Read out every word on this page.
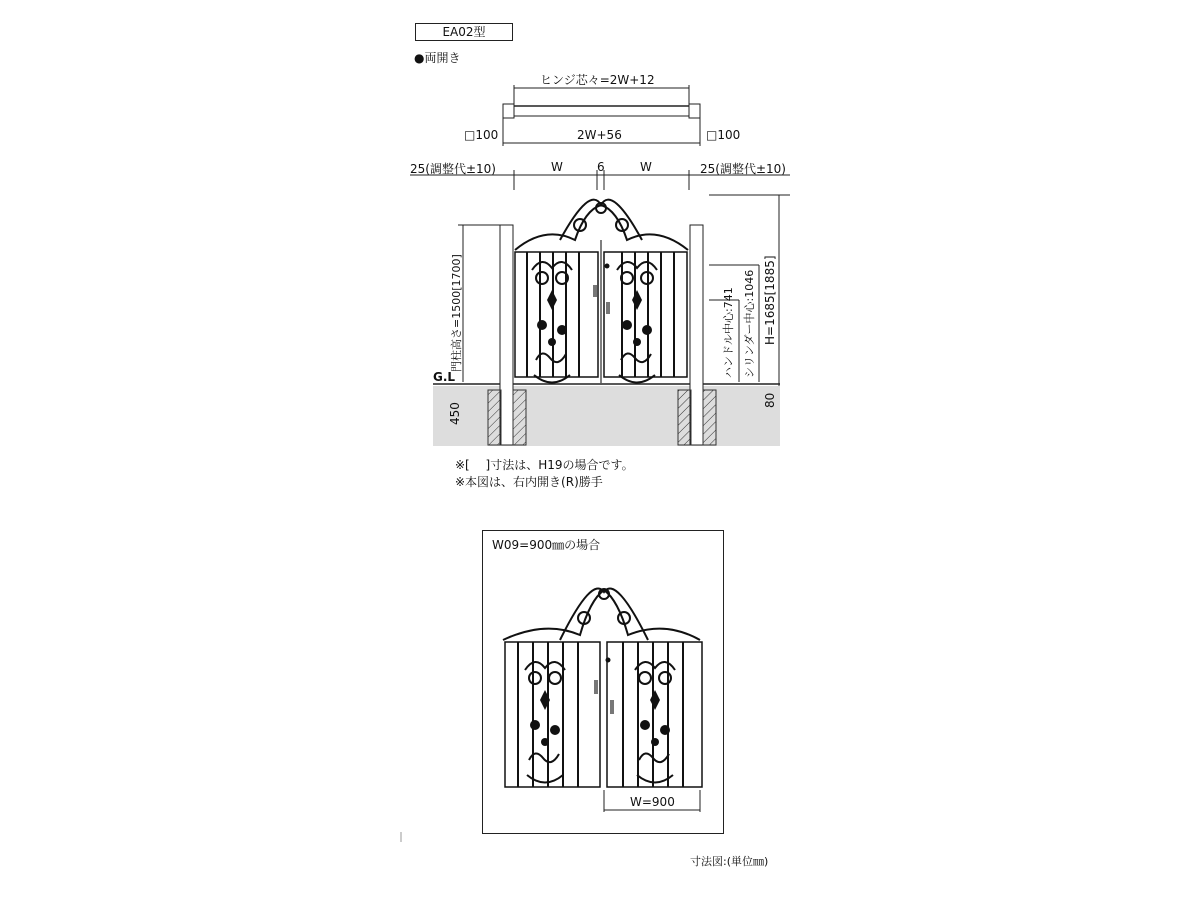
EA02型
●両開き
ヒンジ芯々=2W+12
□100	2W+56	□100
25(調整代±10)	W	6	W	25(調整代±10)
門柱高さ=1500[1700]	ハンドル中心:741 シリンダー中心:1046 H=1685[1885]
G.L
450
80
※[　 ]寸法は、H19の場合です。
※本図は、右内開き(R)勝手
W09=900㎜の場合
W=900
寸法図:(単位㎜)
